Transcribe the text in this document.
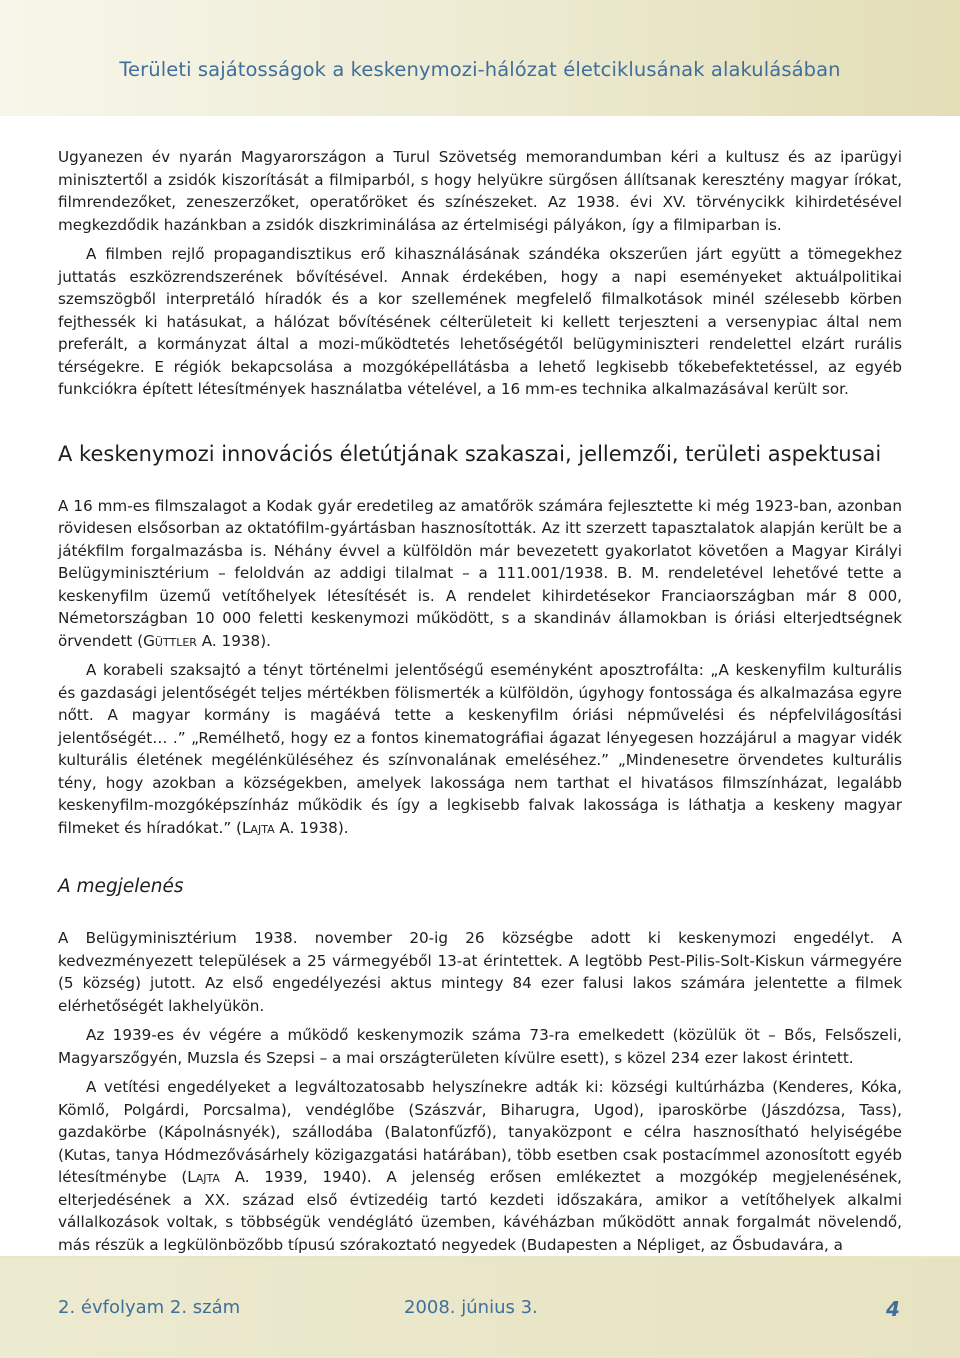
Területi sajátosságok a keskenymozi-hálózat életciklusának alakulásában

Ugyanezen év nyarán Magyarországon a Turul Szövetség memorandumban kéri a kultusz és az iparügyi minisztertől a zsidók kiszorítását a filmiparból, s hogy helyükre sürgősen állítsanak keresztény magyar írókat, filmrendezőket, zeneszerzőket, operatőröket és színészeket. Az 1938. évi XV. törvénycikk kihirdetésével megkezdődik hazánkban a zsidók diszkriminálása az értelmiségi pályákon, így a filmiparban is.

A filmben rejlő propagandisztikus erő kihasználásának szándéka okszerűen járt együtt a tömegekhez juttatás eszközrendszerének bővítésével. Annak érdekében, hogy a napi eseményeket aktuálpolitikai szemszögből interpretáló híradók és a kor szellemének megfelelő filmalkotások minél szélesebb körben fejthessék ki hatásukat, a hálózat bővítésének célterületeit ki kellett terjeszteni a versenypiac által nem preferált, a kormányzat által a mozi-működtetés lehetőségétől belügyminiszteri rendelettel elzárt rurális térségekre. E régiók bekapcsolása a mozgóképellátásba a lehető legkisebb tőkebefektetéssel, az egyéb funkciókra épített létesítmények használatba vételével, a 16 mm-es technika alkalmazásával került sor.

A keskenymozi innovációs életútjának szakaszai, jellemzői, területi aspektusai

A 16 mm-es filmszalagot a Kodak gyár eredetileg az amatőrök számára fejlesztette ki még 1923-ban, azonban rövidesen elsősorban az oktatófilm-gyártásban hasznosították. Az itt szerzett tapasztalatok alapján került be a játékfilm forgalmazásba is. Néhány évvel a külföldön már bevezetett gyakorlatot követően a Magyar Királyi Belügyminisztérium – feloldván az addigi tilalmat – a 111.001/1938. B. M. rendeletével lehetővé tette a keskenyfilm üzemű vetítőhelyek létesítését is. A rendelet kihirdetésekor Franciaországban már 8 000, Németországban 10 000 feletti keskenymozi működött, s a skandináv államokban is óriási elterjedtségnek örvendett (Güttler A. 1938).

A korabeli szaksajtó a tényt történelmi jelentőségű eseményként aposztrofálta: „A keskenyfilm kulturális és gazdasági jelentőségét teljes mértékben fölismerték a külföldön, úgyhogy fontossága és alkalmazása egyre nőtt. A magyar kormány is magáévá tette a keskenyfilm óriási népművelési és népfelvilágosítási jelentőségét… .” „Remélhető, hogy ez a fontos kinematográfiai ágazat lényegesen hozzájárul a magyar vidék kulturális életének megélénküléséhez és színvonalának emeléséhez.” „Mindenesetre örvendetes kulturális tény, hogy azokban a községekben, amelyek lakossága nem tarthat el hivatásos filmszínházat, legalább keskenyfilm-mozgóképszínház működik és így a legkisebb falvak lakossága is láthatja a keskeny magyar filmeket és híradókat.” (Lajta A. 1938).

A megjelenés

A Belügyminisztérium 1938. november 20-ig 26 községbe adott ki keskenymozi engedélyt. A kedvezményezett települések a 25 vármegyéből 13-at érintettek. A legtöbb Pest-Pilis-Solt-Kiskun vármegyére (5 község) jutott. Az első engedélyezési aktus mintegy 84 ezer falusi lakos számára jelentette a filmek elérhetőségét lakhelyükön.

Az 1939-es év végére a működő keskenymozik száma 73-ra emelkedett (közülük öt – Bős, Felsőszeli, Magyarszőgyén, Muzsla és Szepsi – a mai országterületen kívülre esett), s közel 234 ezer lakost érintett.

A vetítési engedélyeket a legváltozatosabb helyszínekre adták ki: községi kultúrházba (Kenderes, Kóka, Kömlő, Polgárdi, Porcsalma), vendéglőbe (Szászvár, Biharugra, Ugod), iparoskörbe (Jászdózsa, Tass), gazdakörbe (Kápolnásnyék), szállodába (Balatonfűzfő), tanyaközpont e célra hasznosítható helyiségébe (Kutas, tanya Hódmezővásárhely közigazgatási határában), több esetben csak postacímmel azonosított egyéb létesítménybe (Lajta A. 1939, 1940). A jelenség erősen emlékeztet a mozgókép megjelenésének, elterjedésének a XX. század első évtizedéig tartó kezdeti időszakára, amikor a vetítőhelyek alkalmi vállalkozások voltak, s többségük vendéglátó üzemben, kávéházban működött annak forgalmát növelendő, más részük a legkülönbözőbb típusú szórakoztató negyedek (Budapesten a Népliget, az Ősbudavára, a

2. évfolyam 2. szám	2008. június 3.	4
